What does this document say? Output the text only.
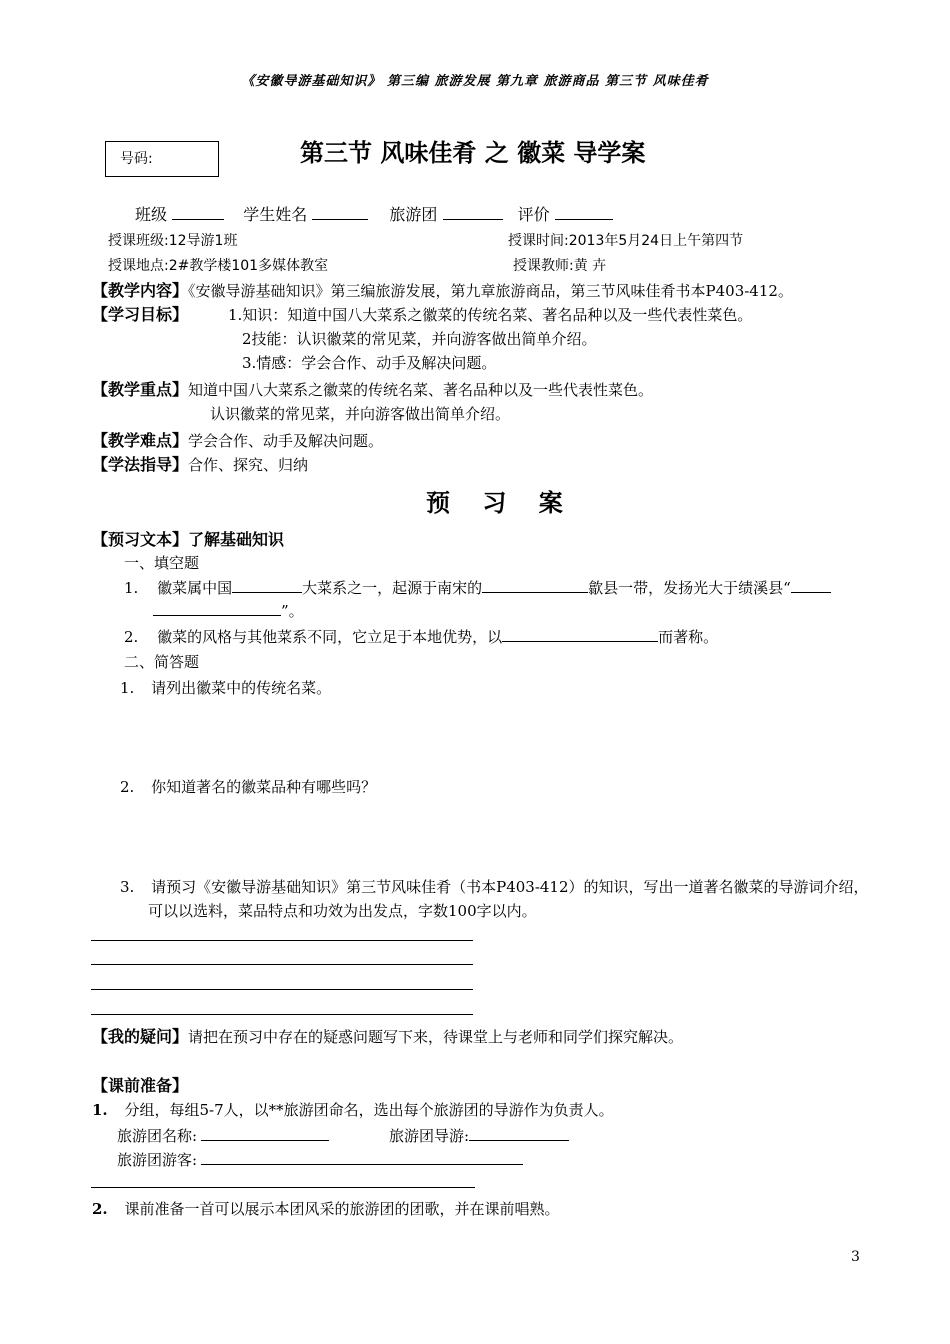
《安徽导游基础知识》 第三编 旅游发展 第九章 旅游商品 第三节 风味佳肴
号码:	第三节 风味佳肴 之 徽菜 导学案
班级	学生姓名	旅游团	评价
授课班级:12导游1班	授课时间:2013年5月24日上午第四节
授课地点:2#教学楼101多媒体教室	授课教师:黄 卉
【教学内容】《安徽导游基础知识》第三编旅游发展，第九章旅游商品，第三节风味佳肴书本P403-412。
【学习目标】	1.知识：知道中国八大菜系之徽菜的传统名菜、著名品种以及一些代表性菜色。
2技能：认识徽菜的常见菜，并向游客做出简单介绍。
3.情感：学会合作、动手及解决问题。
【教学重点】知道中国八大菜系之徽菜的传统名菜、著名品种以及一些代表性菜色。
认识徽菜的常见菜，并向游客做出简单介绍。
【教学难点】学会合作、动手及解决问题。
【学法指导】合作、探究、归纳
预 习 案
【预习文本】了解基础知识
一、填空题
1. 徽菜属中国	大菜系之一，起源于南宋的	歙县一带，发扬光大于绩溪县“
”。
2. 徽菜的风格与其他菜系不同，它立足于本地优势，以	而著称。
二、简答题
1. 请列出徽菜中的传统名菜。
2. 你知道著名的徽菜品种有哪些吗？
3. 请预习《安徽导游基础知识》第三节风味佳肴（书本P403-412）的知识，写出一道著名徽菜的导游词介绍，
可以以选料，菜品特点和功效为出发点，字数100字以内。
【我的疑问】请把在预习中存在的疑惑问题写下来，待课堂上与老师和同学们探究解决。
【课前准备】
1. 分组，每组5-7人，以**旅游团命名，选出每个旅游团的导游作为负责人。
旅游团名称:	旅游团导游:
旅游团游客:
2. 课前准备一首可以展示本团风采的旅游团的团歌，并在课前唱熟。
3
